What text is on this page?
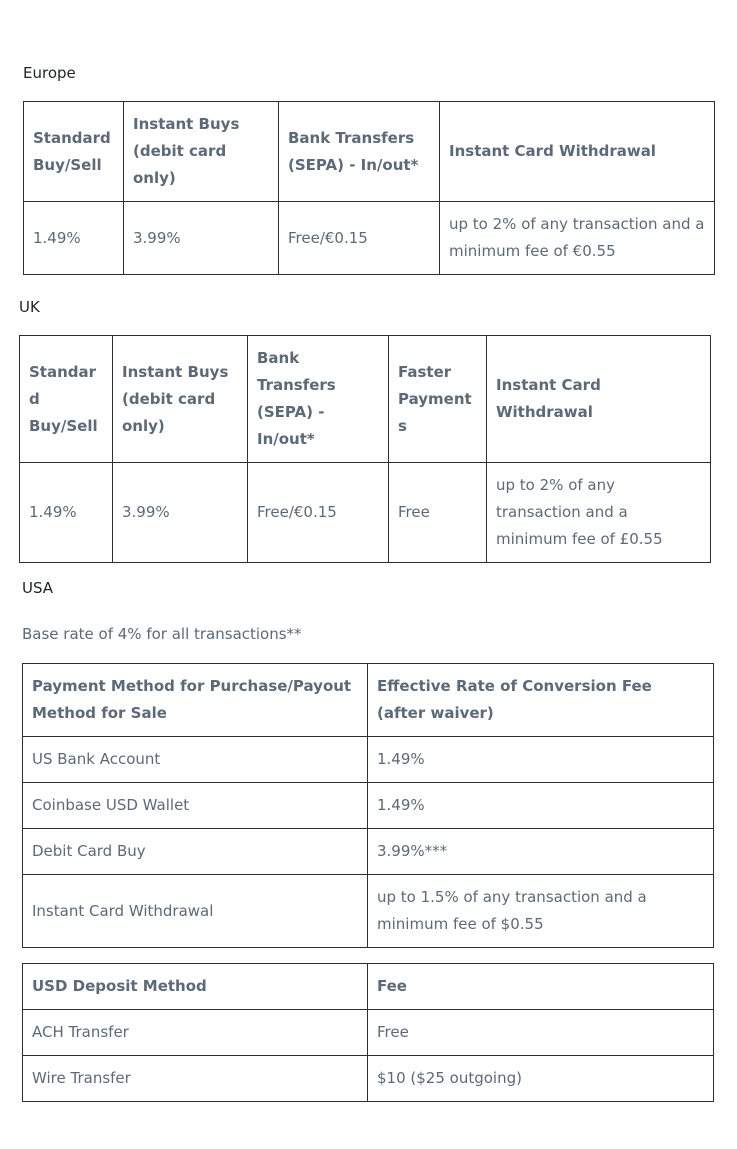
Europe
Standard Buy/Sell	Instant Buys (debit card only)	Bank Transfers (SEPA) - In/out*	Instant Card Withdrawal
1.49%	3.99%	Free/€0.15	up to 2% of any transaction and a minimum fee of €0.55
UK
Standard Buy/Sell	Instant Buys (debit card only)	Bank Transfers (SEPA) - In/out*	Faster Payments	Instant Card Withdrawal
1.49%	3.99%	Free/€0.15	Free	up to 2% of any transaction and a minimum fee of £0.55
USA

Base rate of 4% for all transactions**

Payment Method for Purchase/Payout Method for Sale	Effective Rate of Conversion Fee (after waiver)
US Bank Account	1.49%
Coinbase USD Wallet	1.49%
Debit Card Buy	3.99%***
Instant Card Withdrawal	up to 1.5% of any transaction and a minimum fee of $0.55
USD Deposit Method	Fee
ACH Transfer	Free
Wire Transfer	$10 ($25 outgoing)
